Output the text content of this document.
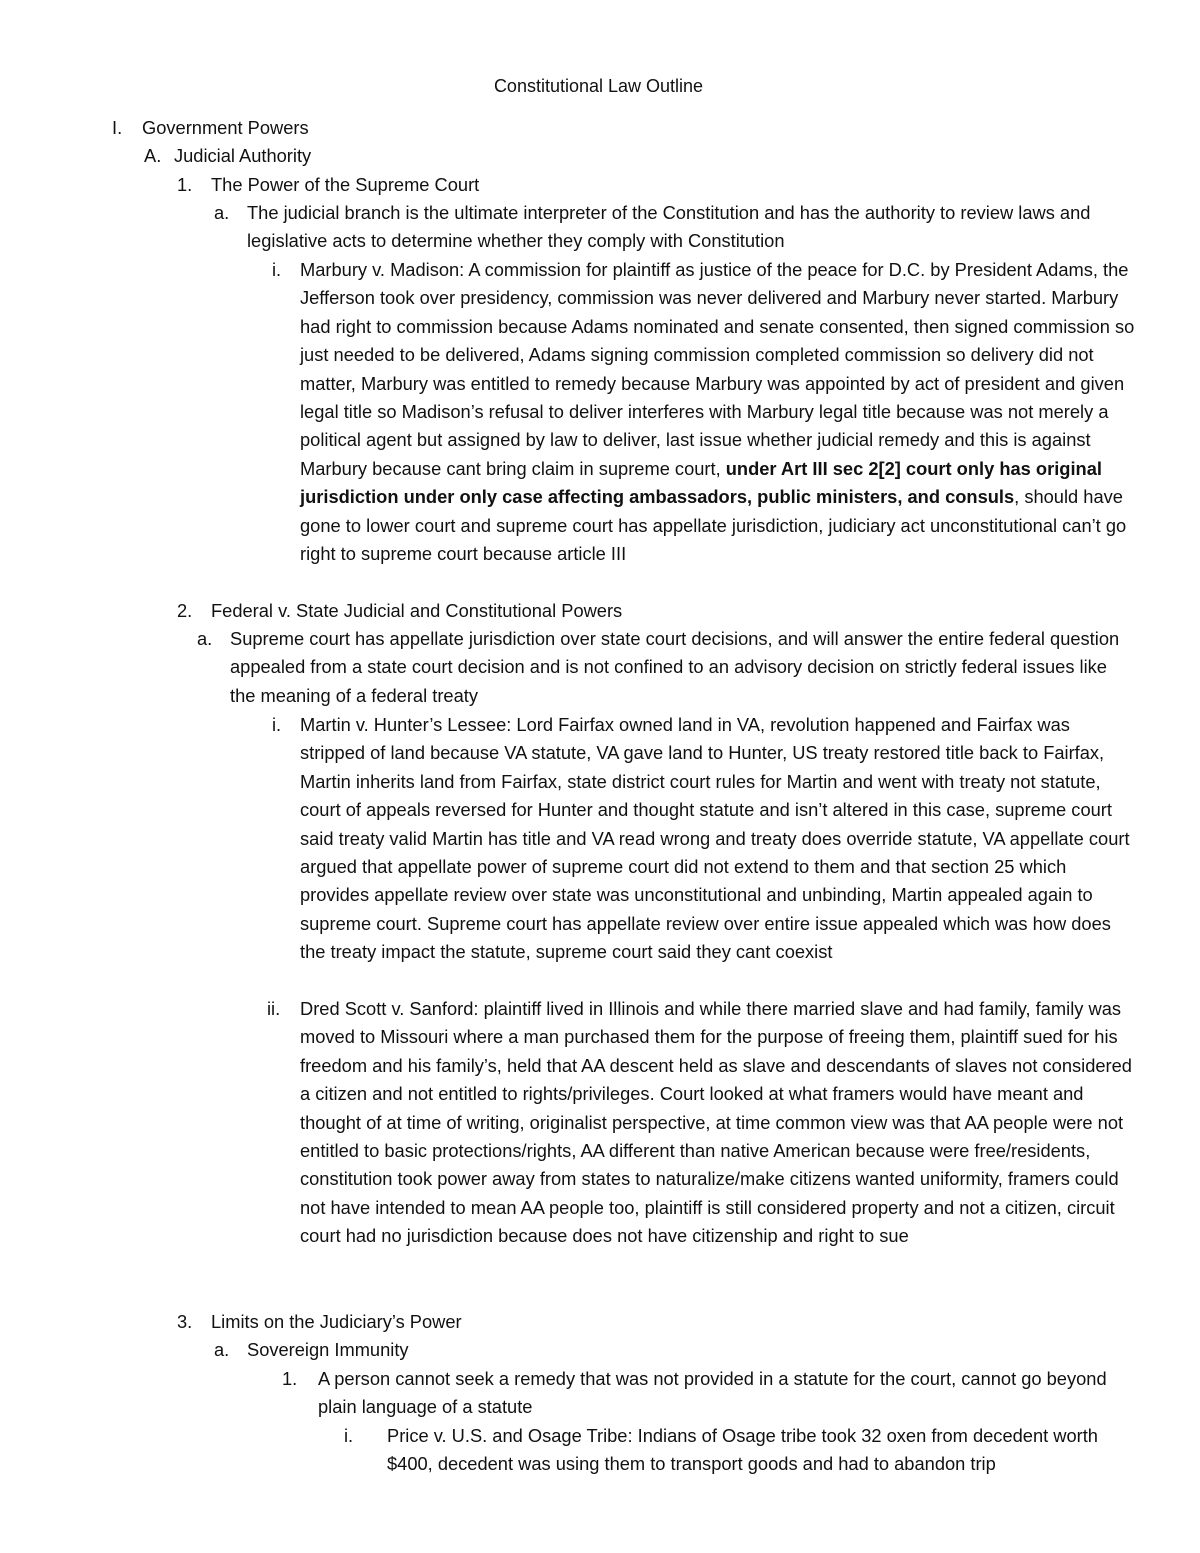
Constitutional Law Outline
I. Government Powers
A. Judicial Authority
1. The Power of the Supreme Court
a. The judicial branch is the ultimate interpreter of the Constitution and has the authority to review laws and legislative acts to determine whether they comply with Constitution
i. Marbury v. Madison: A commission for plaintiff as justice of the peace for D.C. by President Adams, the Jefferson took over presidency, commission was never delivered and Marbury never started. Marbury had right to commission because Adams nominated and senate consented, then signed commission so just needed to be delivered, Adams signing commission completed commission so delivery did not matter, Marbury was entitled to remedy because Marbury was appointed by act of president and given legal title so Madison’s refusal to deliver interferes with Marbury legal title because was not merely a political agent but assigned by law to deliver, last issue whether judicial remedy and this is against Marbury because cant bring claim in supreme court, under Art III sec 2[2] court only has original jurisdiction under only case affecting ambassadors, public ministers, and consuls, should have gone to lower court and supreme court has appellate jurisdiction, judiciary act unconstitutional can’t go right to supreme court because article III
2. Federal v. State Judicial and Constitutional Powers
a. Supreme court has appellate jurisdiction over state court decisions, and will answer the entire federal question appealed from a state court decision and is not confined to an advisory decision on strictly federal issues like the meaning of a federal treaty
i. Martin v. Hunter’s Lessee: Lord Fairfax owned land in VA, revolution happened and Fairfax was stripped of land because VA statute, VA gave land to Hunter, US treaty restored title back to Fairfax, Martin inherits land from Fairfax, state district court rules for Martin and went with treaty not statute, court of appeals reversed for Hunter and thought statute and isn’t altered in this case, supreme court said treaty valid Martin has title and VA read wrong and treaty does override statute, VA appellate court argued that appellate power of supreme court did not extend to them and that section 25 which provides appellate review over state was unconstitutional and unbinding, Martin appealed again to supreme court. Supreme court has appellate review over entire issue appealed which was how does the treaty impact the statute, supreme court said they cant coexist
ii. Dred Scott v. Sanford: plaintiff lived in Illinois and while there married slave and had family, family was moved to Missouri where a man purchased them for the purpose of freeing them, plaintiff sued for his freedom and his family’s, held that AA descent held as slave and descendants of slaves not considered a citizen and not entitled to rights/privileges. Court looked at what framers would have meant and thought of at time of writing, originalist perspective, at time common view was that AA people were not entitled to basic protections/rights, AA different than native American because were free/residents, constitution took power away from states to naturalize/make citizens wanted uniformity, framers could not have intended to mean AA people too, plaintiff is still considered property and not a citizen, circuit court had no jurisdiction because does not have citizenship and right to sue
3. Limits on the Judiciary’s Power
a. Sovereign Immunity
1. A person cannot seek a remedy that was not provided in a statute for the court, cannot go beyond plain language of a statute
i. Price v. U.S. and Osage Tribe: Indians of Osage tribe took 32 oxen from decedent worth $400, decedent was using them to transport goods and had to abandon trip
